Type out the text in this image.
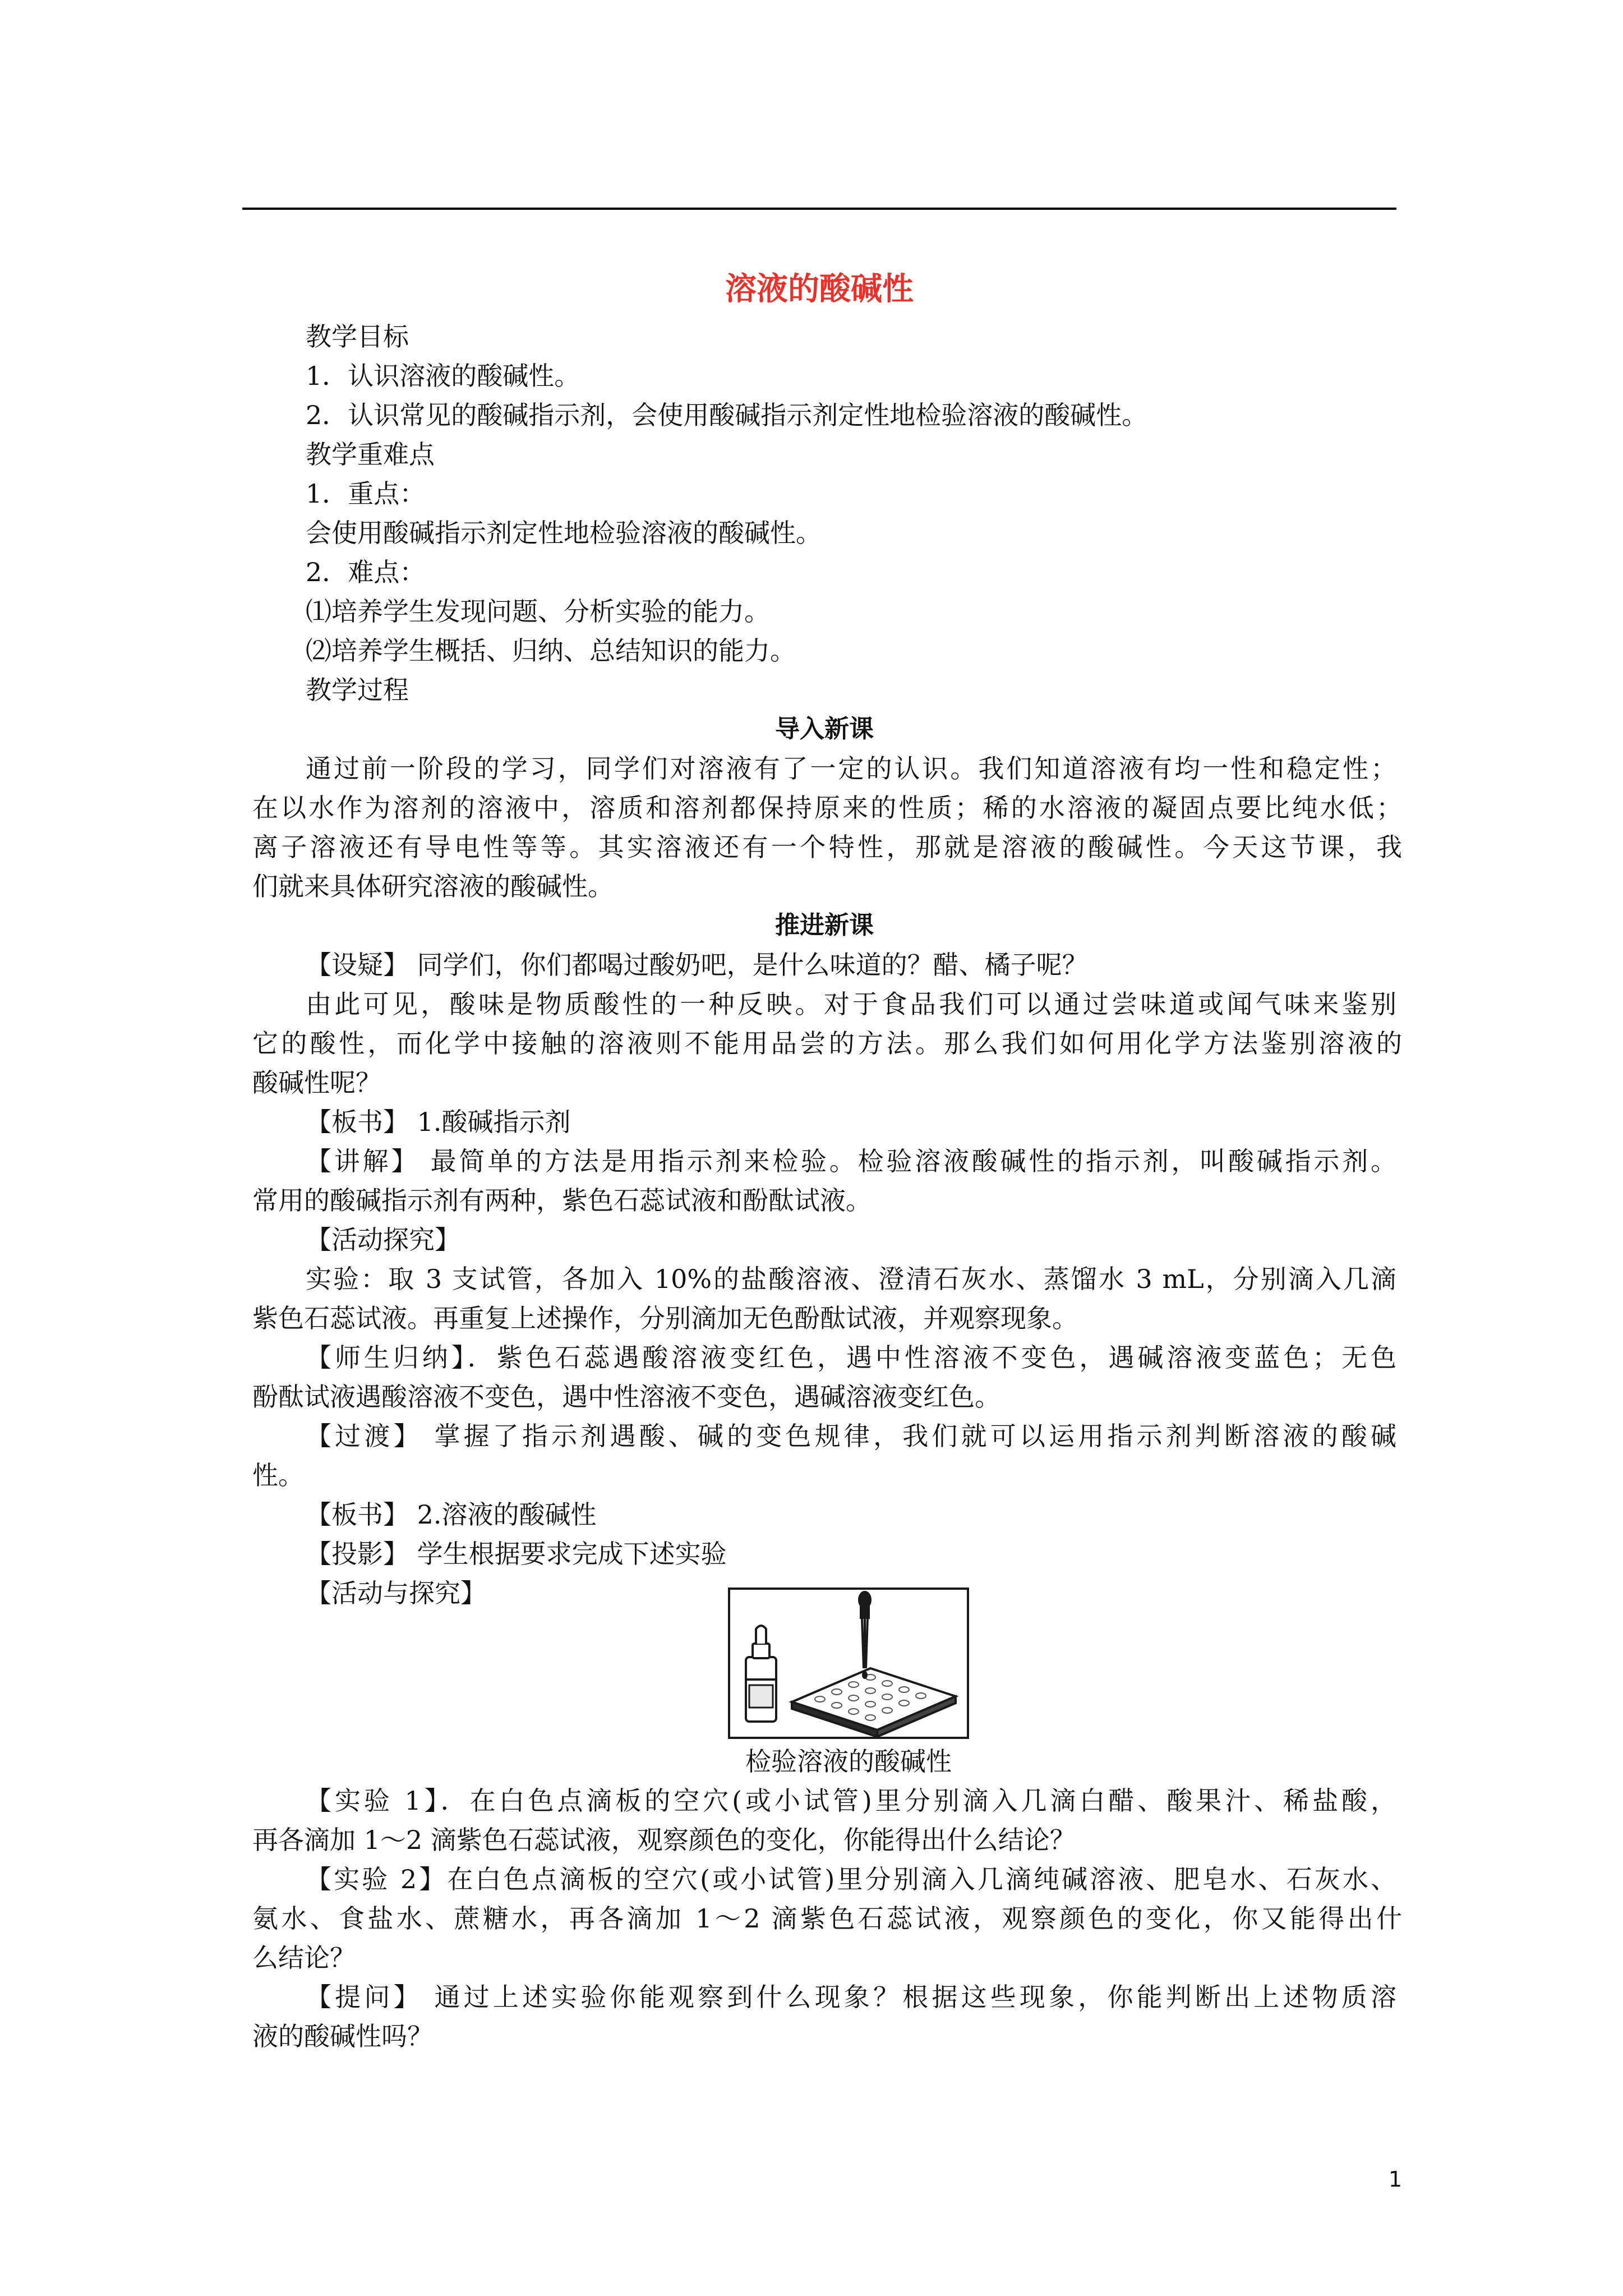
溶液的酸碱性
教学目标
1．认识溶液的酸碱性。
2．认识常见的酸碱指示剂，会使用酸碱指示剂定性地检验溶液的酸碱性。
教学重难点
1．重点：
会使用酸碱指示剂定性地检验溶液的酸碱性。
2．难点：
⑴培养学生发现问题、分析实验的能力。
⑵培养学生概括、归纳、总结知识的能力。
教学过程
导入新课
通过前一阶段的学习，同学们对溶液有了一定的认识。我们知道溶液有均一性和稳定性；
在以水作为溶剂的溶液中，溶质和溶剂都保持原来的性质；稀的水溶液的凝固点要比纯水低；
离子溶液还有导电性等等。其实溶液还有一个特性，那就是溶液的酸碱性。今天这节课，我
们就来具体研究溶液的酸碱性。
推进新课
【设疑】 同学们，你们都喝过酸奶吧，是什么味道的？醋、橘子呢？
由此可见，酸味是物质酸性的一种反映。对于食品我们可以通过尝味道或闻气味来鉴别
它的酸性，而化学中接触的溶液则不能用品尝的方法。那么我们如何用化学方法鉴别溶液的
酸碱性呢？
【板书】 1.酸碱指示剂
【讲解】 最简单的方法是用指示剂来检验。检验溶液酸碱性的指示剂，叫酸碱指示剂。
常用的酸碱指示剂有两种，紫色石蕊试液和酚酞试液。
【活动探究】
实验：取 3 支试管，各加入 10%的盐酸溶液、澄清石灰水、蒸馏水 3 mL，分别滴入几滴
紫色石蕊试液。再重复上述操作，分别滴加无色酚酞试液，并观察现象。
【师生归纳】．紫色石蕊遇酸溶液变红色，遇中性溶液不变色，遇碱溶液变蓝色；无色
酚酞试液遇酸溶液不变色，遇中性溶液不变色，遇碱溶液变红色。
【过渡】 掌握了指示剂遇酸、碱的变色规律，我们就可以运用指示剂判断溶液的酸碱
性。
【板书】 2.溶液的酸碱性
【投影】 学生根据要求完成下述实验
【活动与探究】
检验溶液的酸碱性
【实验 1】．在白色点滴板的空穴(或小试管)里分别滴入几滴白醋、酸果汁、稀盐酸，
再各滴加 1～2 滴紫色石蕊试液，观察颜色的变化，你能得出什么结论？
【实验 2】在白色点滴板的空穴(或小试管)里分别滴入几滴纯碱溶液、肥皂水、石灰水、
氨水、食盐水、蔗糖水，再各滴加 1～2 滴紫色石蕊试液，观察颜色的变化，你又能得出什
么结论？
【提问】 通过上述实验你能观察到什么现象？根据这些现象，你能判断出上述物质溶
液的酸碱性吗？
1
